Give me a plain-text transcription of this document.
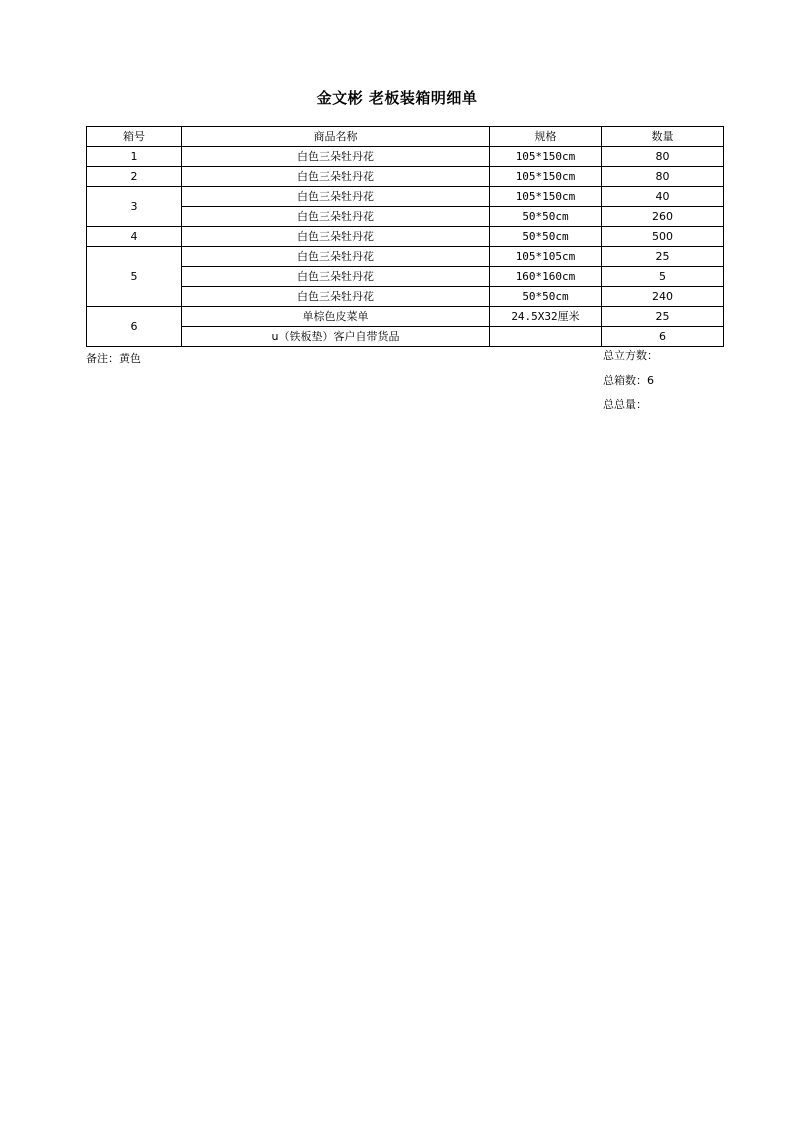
金文彬 老板装箱明细单
箱号	商品名称	规格	数量
1	白色三朵牡丹花	105*150cm	80
2	白色三朵牡丹花	105*150cm	80
3	白色三朵牡丹花	105*150cm	40
	白色三朵牡丹花	50*50cm	260
4	白色三朵牡丹花	50*50cm	500
5	白色三朵牡丹花	105*105cm	25
	白色三朵牡丹花	160*160cm	5
	白色三朵牡丹花	50*50cm	240
6	单棕色皮菜单	24.5X32厘米	25
	u（铁板垫）客户自带货品		6
备注：黄色	总立方数：
总箱数：6
总总量：
